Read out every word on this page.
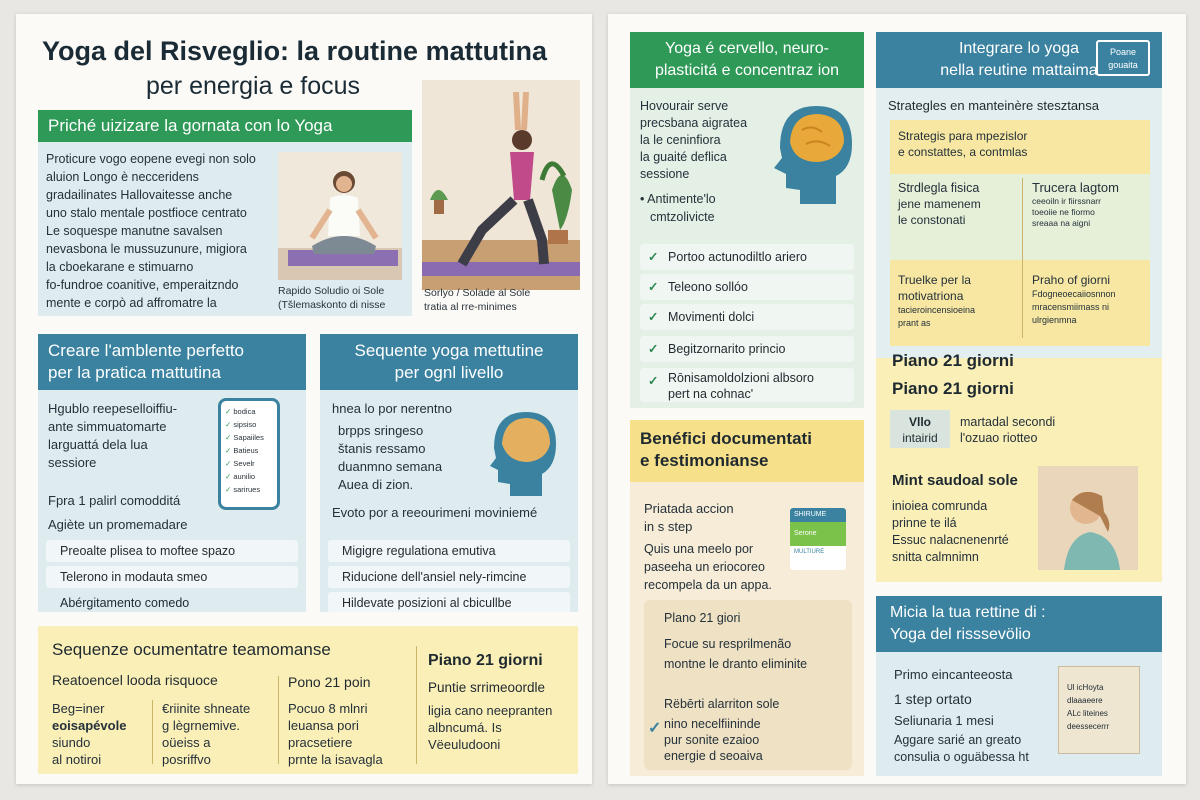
Yoga del Risveglio: la routine mattutina
per energia e focus
Priché uizizare la gornata con lo Yoga
Proticure vogo eopene evegi non solo
aluion Longo è necceridens
gradailinates Hallovaitesse anche
uno stalo mentale postfioce centrato
Le soquespe manutne savalsen
nevasbona le mussuzunure, migiora
la cboekarane e stimuarno
fo-fundroe coanitive, emperaitzndo
mente e corpò ad affromatre la
Rapido Soludio oi Sole
(Tšlemaskonto di nisse
Sorlyo / Solade al Sole
tratia al rre-minimes
Creare l'amblente perfetto
per la pratica mattutina
Hgublo reepeselloiffiu-
ante simmuatomarte
larguattá dela lua
sessiore
✓ bodica
✓ sipsiso
✓ Sapaiiles
✓ Batieus
✓ Sevelr
✓ aunilio
✓ sarirues
Fpra 1 palirl comodditá
Agiète un promemadare
Preoalte plisea to moftee spazo
Telerono in modauta smeo
Abérgitamento comedo
Sequente yoga mettutine
per ognl livello
hnea lo por nerentno
brpps sringeso
štanis ressamo
duanmno semana
Auea di zion.
Evoto por a reeourimeni moviniemé
Migigre regulationa emutiva
Riducione dell'ansiel nely-rimcine
Hildevate posizioni al cbicullbe
Sequenze ocumentatre teamomanse
Reatoencel looda risquoce
Beg=iner
eoisapévole
siundo
al notiroi
€riinite shneate
g lègrnemive.
oüeiss a
posriffvo
Pono 21 poin
Pocuo 8 mlnri
leuansa pori
pracsetiere
prnte la isavagla
Piano 21 giorni
Puntie srrimeoordle
ligia cano neepranten
albncumá. Is
Vëeuludooni
Yoga é cervello, neuro-
plasticitá e concentraz ion
Hovourair serve
precsbana aigratea
la le ceninfiora
la guaité deflica
sessione
• Antimente'lo
cmtzolivicte
✓ Portoo actunodiltlo ariero
✓ Teleono sollóo
✓ Movimenti dolci
✓ Begitzornarito princio
✓ Rōnisamoldolzioni albsoro
pert na cohnac'
Integrare lo yoga
nella reutine mattaima
Poane
gouaita
Strategles en manteinère stesztansa
Strategis para mpezislor
e constattes, a contmlas
Strdlegla fisica
jene mamenem
le constonati
Trucera lagtom
ceeoiln ir fiirssnarr
toeoiie ne fiormo
sreaaa na aigni
Truelke per la
motivatriona
tacieroincensioeina
prant as
Praho of giorni
Fdogneoecaiiosnnon
mracensmiimass ni
ulrgienmna
Piano 21 giorni
Piano 21 giorni
Vllo
intairid
martadal secondi
l'ozuao riotteo
Mint saudoal sole
inioiea comrunda
prinne te ilá
Essuc nalacnenenrté
snitta calmnimn
Benéfici documentati
e festimonianse
Priatada accion
in s step
SHIRUME
Serone
MULTIURE
Quis una meelo por
paseeha un eriocoreo
recompela da un appa.
Plano 21 giori
Focue su resprilmenão
montne le dranto eliminite
Rëbērti alarriton sole
✓ nino necelfiininde
pur sonite ezaioo
energie d seoaiva
Micia la tua rettine di :
Yoga del risssevölio
Primo eincanteeosta
1 step ortato
Seliunaria 1 mesi
Aggare sarié an greato
consulia o oguäbessa ht
Ul icHoyta
dlaaaeere
ALc liteines
deessecerrr
